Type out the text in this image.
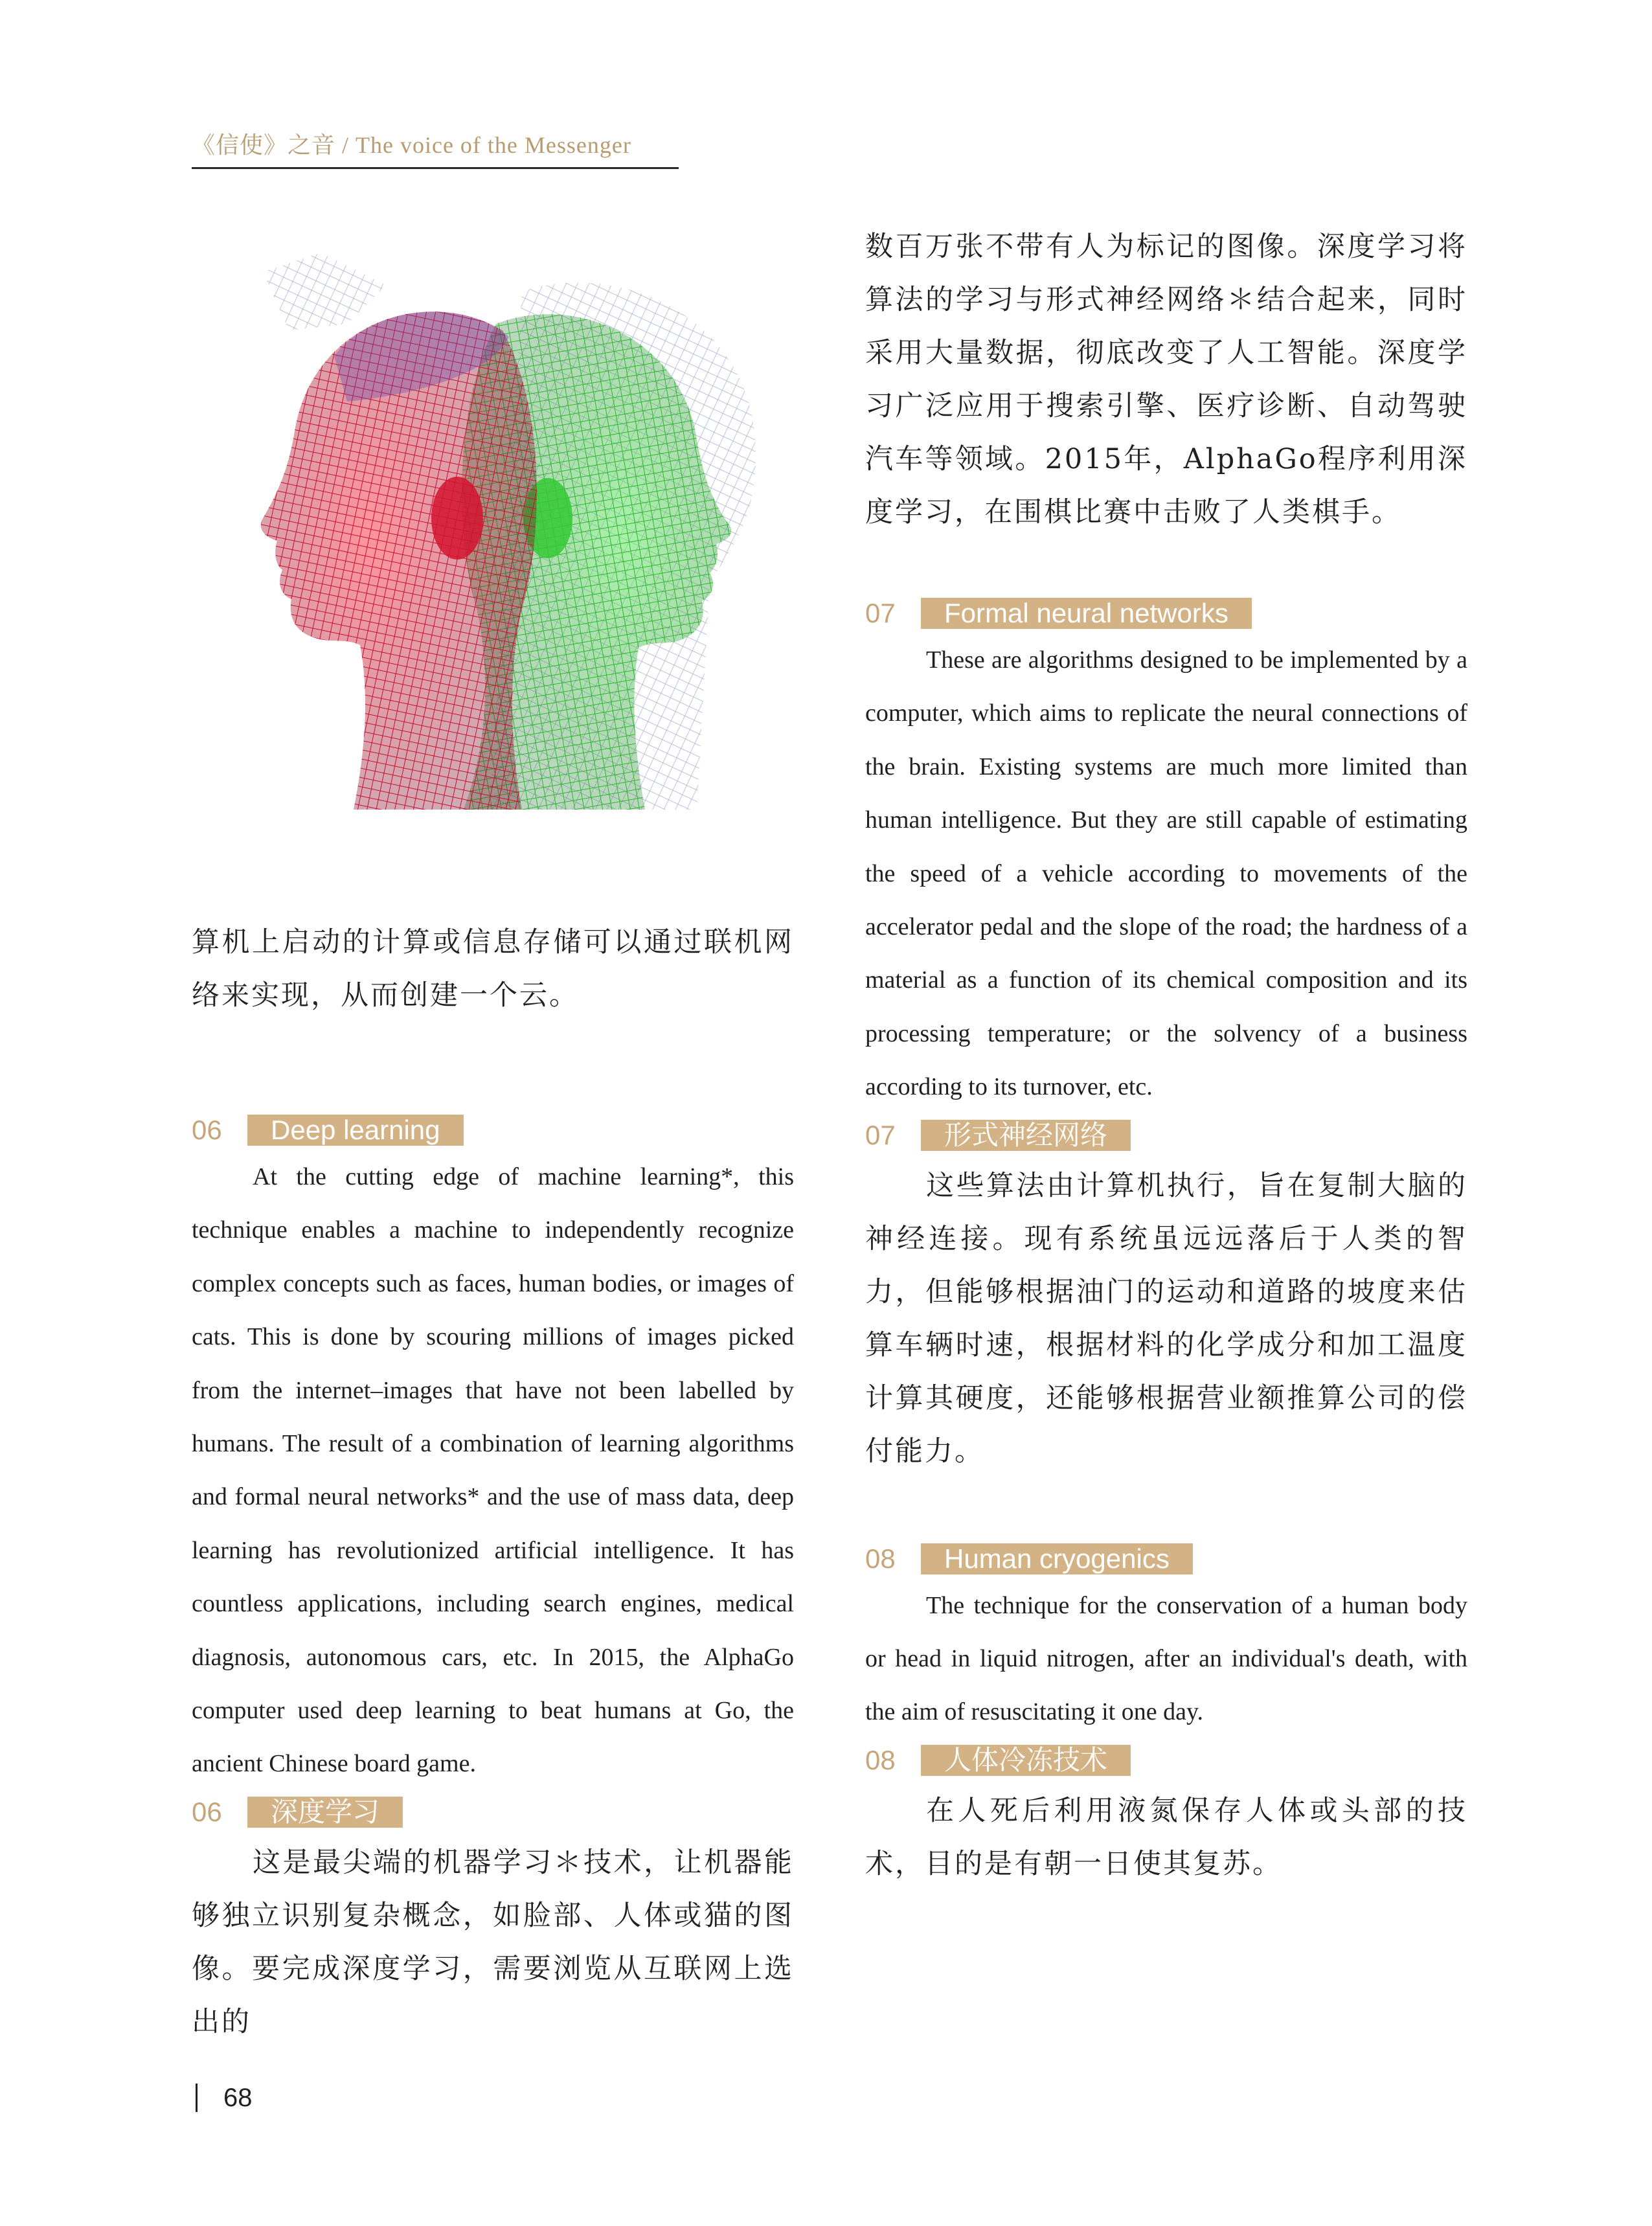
《信使》之音 / The voice of the Messenger

算机上启动的计算或信息存储可以通过联机网络来实现，从而创建一个云。

06	Deep learning

At the cutting edge of machine learning*, this technique enables a machine to independently recognize complex concepts such as faces, human bodies, or images of cats. This is done by scouring millions of images picked from the internet–images that have not been labelled by humans. The result of a combination of learning algorithms and formal neural networks* and the use of mass data, deep learning has revolutionized artificial intelligence. It has countless applications, including search engines, medical diagnosis, autonomous cars, etc. In 2015, the AlphaGo computer used deep learning to beat humans at Go, the ancient Chinese board game.

06	深度学习

这是最尖端的机器学习＊技术，让机器能够独立识别复杂概念，如脸部、人体或猫的图像。要完成深度学习，需要浏览从互联网上选出的

数百万张不带有人为标记的图像。深度学习将算法的学习与形式神经网络＊结合起来，同时采用大量数据，彻底改变了人工智能。深度学习广泛应用于搜索引擎、医疗诊断、自动驾驶汽车等领域。2015年，AlphaGo程序利用深度学习，在围棋比赛中击败了人类棋手。

07	Formal neural networks

These are algorithms designed to be implemented by a computer, which aims to replicate the neural connections of the brain. Existing systems are much more limited than human intelligence. But they are still capable of estimating the speed of a vehicle according to movements of the accelerator pedal and the slope of the road; the hardness of a material as a function of its chemical composition and its processing temperature; or the solvency of a business according to its turnover, etc.

07	形式神经网络

这些算法由计算机执行，旨在复制大脑的神经连接。现有系统虽远远落后于人类的智力，但能够根据油门的运动和道路的坡度来估算车辆时速，根据材料的化学成分和加工温度计算其硬度，还能够根据营业额推算公司的偿付能力。

08	Human cryogenics

The technique for the conservation of a human body or head in liquid nitrogen, after an individual's death, with the aim of resuscitating it one day.

08	人体冷冻技术

在人死后利用液氮保存人体或头部的技术，目的是有朝一日使其复苏。

68
